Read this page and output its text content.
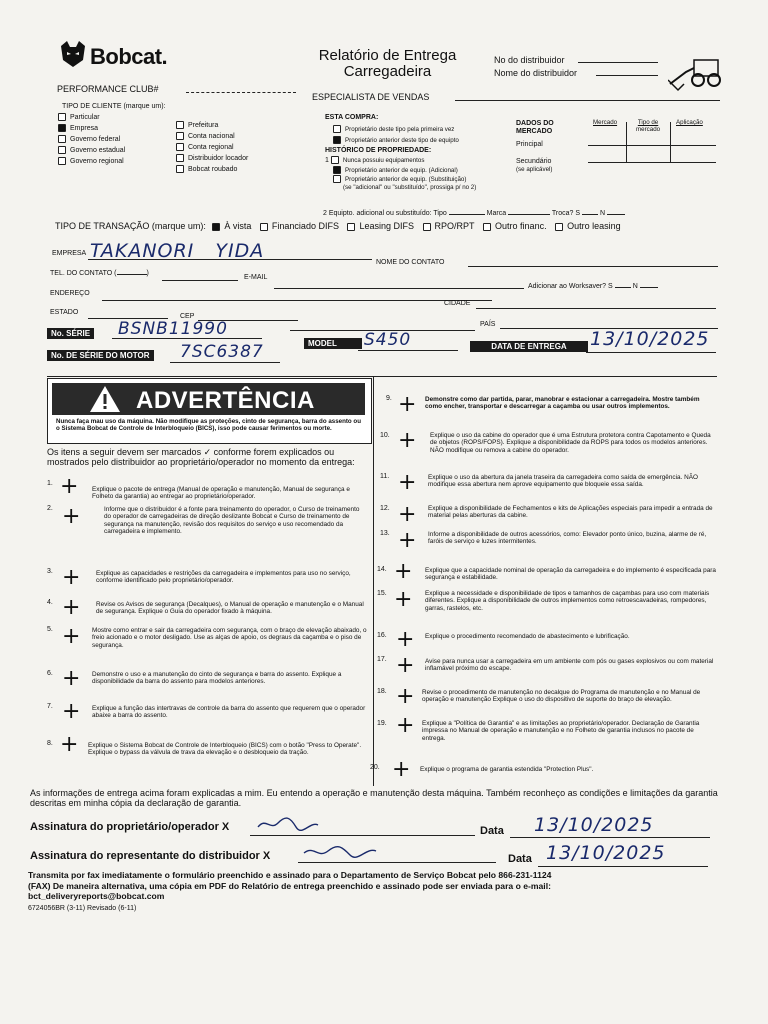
Bobcat.	Relatório de Entrega
Carregadeira
No do distribuidor
Nome do distribuidor
PERFORMANCE CLUB#
ESPECIALISTA DE VENDAS
TIPO DE CLIENTE (marque um):
Particular
Empresa
Governo federal
Governo estadual
Governo regional
Prefeitura
Conta nacional
Conta regional
Distribuidor locador
Bobcat roubado
ESTA COMPRA:
Proprietário deste tipo pela primeira vez
Proprietário anterior deste tipo de equipto
HISTÓRICO DE PROPRIEDADE:
1 Nunca possuiu equipamentos
Proprietário anterior de equip. (Adicional)
Proprietário anterior de equip. (Substituição)
(se "adicional" ou "substituído", prossiga p/ no 2)
2 Equipto. adicional ou substituído: Tipo	Marca	Troca? S	N
DADOS DO
MERCADO
Mercado	Tipo de
mercado
Aplicação
Principal
Secundário
(se aplicável)
TIPO DE TRANSAÇÃO (marque um): À vista Financiado DIFS Leasing DIFS RPO/RPT Outro financ. Outro leasing
EMPRESA TAKANORI   YIDA
NOME DO CONTATO
TEL. DO CONTATO (	)
E-MAIL
Adicionar ao Worksaver? S	N
ENDEREÇO
CIDADE
ESTADO
CEP
PAÍS
No. SÉRIE BSNB11990
MODEL	S450	DATA DE ENTREGA	13/10/2025
No. DE SÉRIE DO MOTOR 7SC6387
ADVERTÊNCIA
Nunca faça mau uso da máquina. Não modifique as proteções, cinto de segurança, barra do assento ou o Sistema Bobcat de Controle de Interbloqueio (BICS), isso pode causar ferimentos ou morte.
Os itens a seguir devem ser marcados ✓ conforme forem explicados ou mostrados pelo distribuidor ao proprietário/operador no momento da entrega:
1. + Explique o pacote de entrega (Manual de operação e manutenção, Manual de segurança e Folheto da garantia) ao entregar ao proprietário/operador.
2. +	Informe que o distribuidor é a fonte para treinamento do operador, o Curso de treinamento do operador de carregadeiras de direção deslizante Bobcat e Curso de treinamento de segurança na manutenção, revisão dos requisitos do serviço e uso recomendado da carregadeira e implemento.
3. + Explique as capacidades e restrições da carregadeira e implementos para uso no serviço, conforme identificado pelo proprietário/operador.
4. + Revise os Avisos de segurança (Decalques), o Manual de operação e manutenção e o Manual de segurança. Explique o Guia do operador fixado à máquina.
5. + Mostre como entrar e sair da carregadeira com segurança, com o braço de elevação abaixado, o freio acionado e o motor desligado. Use as alças de apoio, os degraus da caçamba e o piso de segurança.
6. + Demonstre o uso e a manutenção do cinto de segurança e barra do assento. Explique a disponibilidade da barra do assento para modelos anteriores.
7. + Explique a função das intertravas de controle da barra do assento que requerem que o operador abaixe a barra do assento.
8. + Explique o Sistema Bobcat de Controle de Interbloqueio (BICS) com o botão "Press to Operate". Explique o bypass da válvula de trava da elevação e o desbloqueio da tração.
9. + Demonstre como dar partida, parar, manobrar e estacionar a carregadeira. Mostre também como encher, transportar e descarregar a caçamba ou usar outros implementos.
10. + Explique o uso da cabine do operador que é uma Estrutura protetora contra Capotamento e Queda de objetos (ROPS/FOPS). Explique a disponibilidade da ROPS para todos os modelos anteriores. NÃO modifique ou remova a cabine do operador.
11. + Explique o uso da abertura da janela traseira da carregadeira como saída de emergência. NÃO modifique essa abertura nem aprove equipamento que bloqueie essa saída.
12. + Explique a disponibilidade de Fechamentos e kits de Aplicações especiais para impedir a entrada de material pelas aberturas da cabine.
13. + Informe a disponibilidade de outros acessórios, como: Elevador ponto único, buzina, alarme de ré, faróis de serviço e luzes intermitentes.
14. + Explique que a capacidade nominal de operação da carregadeira e do implemento é especificada para segurança e estabilidade.
15. + Explique a necessidade e disponibilidade de tipos e tamanhos de caçambas para uso com materiais diferentes. Explique a disponibilidade de outros implementos como retroescavadeiras, rompedores, garras, rastelos, etc.
16. + Explique o procedimento recomendado de abastecimento e lubrificação.
17. + Avise para nunca usar a carregadeira em um ambiente com pós ou gases explosivos ou com material inflamável próximo do escape.
18. + Revise o procedimento de manutenção no decalque do Programa de manutenção e no Manual de operação e manutenção Explique o uso do dispositivo de suporte do braço de elevação.
19. + Explique a "Política de Garantia" e as limitações ao proprietário/operador. Declaração de Garantia impressa no Manual de operação e manutenção e no Folheto de garantia inclusos no pacote de entrega.
20. + Explique o programa de garantia estendida "Protection Plus".
As informações de entrega acima foram explicadas a mim. Eu entendo a operação e manutenção desta máquina. Também reconheço as condições e limitações da garantia descritas em minha cópia da declaração de garantia.
Assinatura do proprietário/operador X	Data 13/10/2025
Assinatura do representante do distribuidor X	Data 13/10/2025
Transmita por fax imediatamente o formulário preenchido e assinado para o Departamento de Serviço Bobcat pelo 866-231-1124
(FAX) De maneira alternativa, uma cópia em PDF do Relatório de entrega preenchido e assinado pode ser enviada para o e-mail:
bct_deliveryreports@bobcat.com
6724056BR (3-11) Revisado (6-11)
